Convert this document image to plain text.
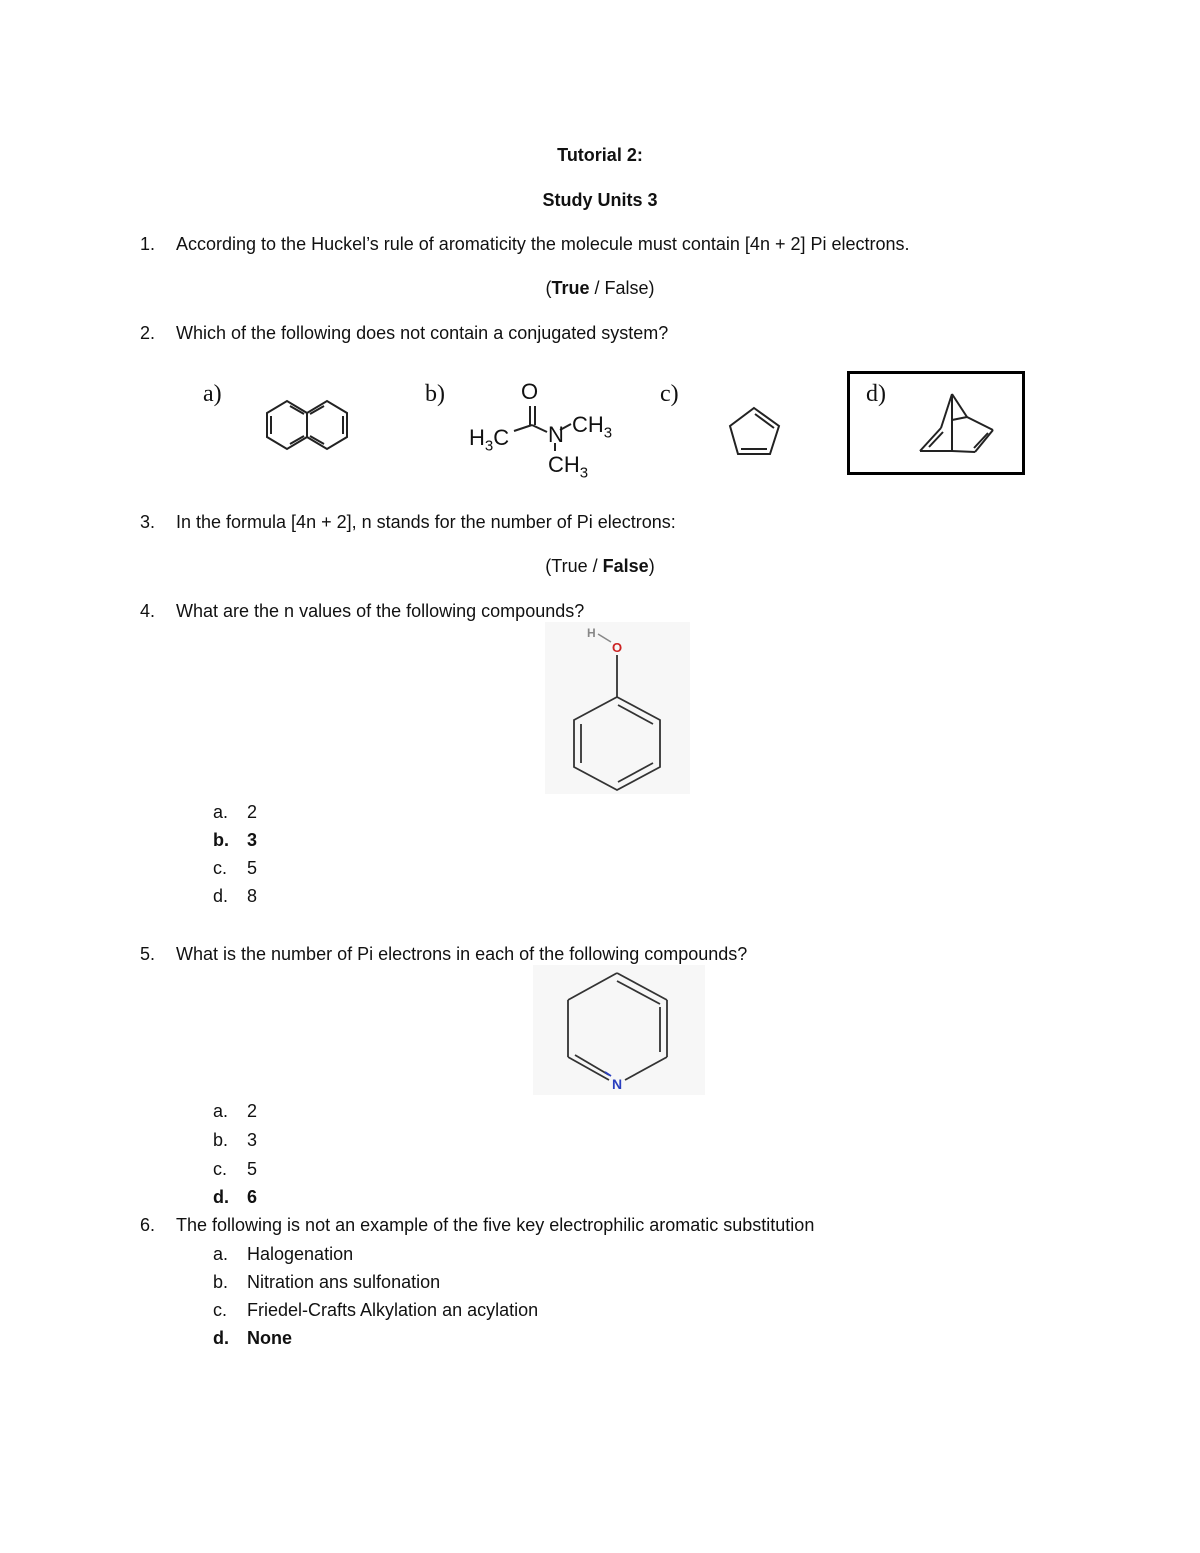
Tutorial 2:
Study Units 3
1.	According to the Huckel’s rule of aromaticity the molecule must contain [4n + 2] Pi electrons.
(True / False)
2.	Which of the following does not contain a conjugated system?
a)	b)	O
$H_3C$ N $CH_3$
$CH_3$
c)	d)
3.	In the formula [4n + 2], n stands for the number of Pi electrons:
(True / False)
4.	What are the n values of the following compounds?
H
O
a.	2
b.	3
c.	5
d.	8
5.	What is the number of Pi electrons in each of the following compounds?
N
a.	2
b.	3
c.	5
d.	6
6.	The following is not an example of the five key electrophilic aromatic substitution
a.	Halogenation
b.	Nitration ans sulfonation
c.	Friedel-Crafts Alkylation an acylation
d.	None
